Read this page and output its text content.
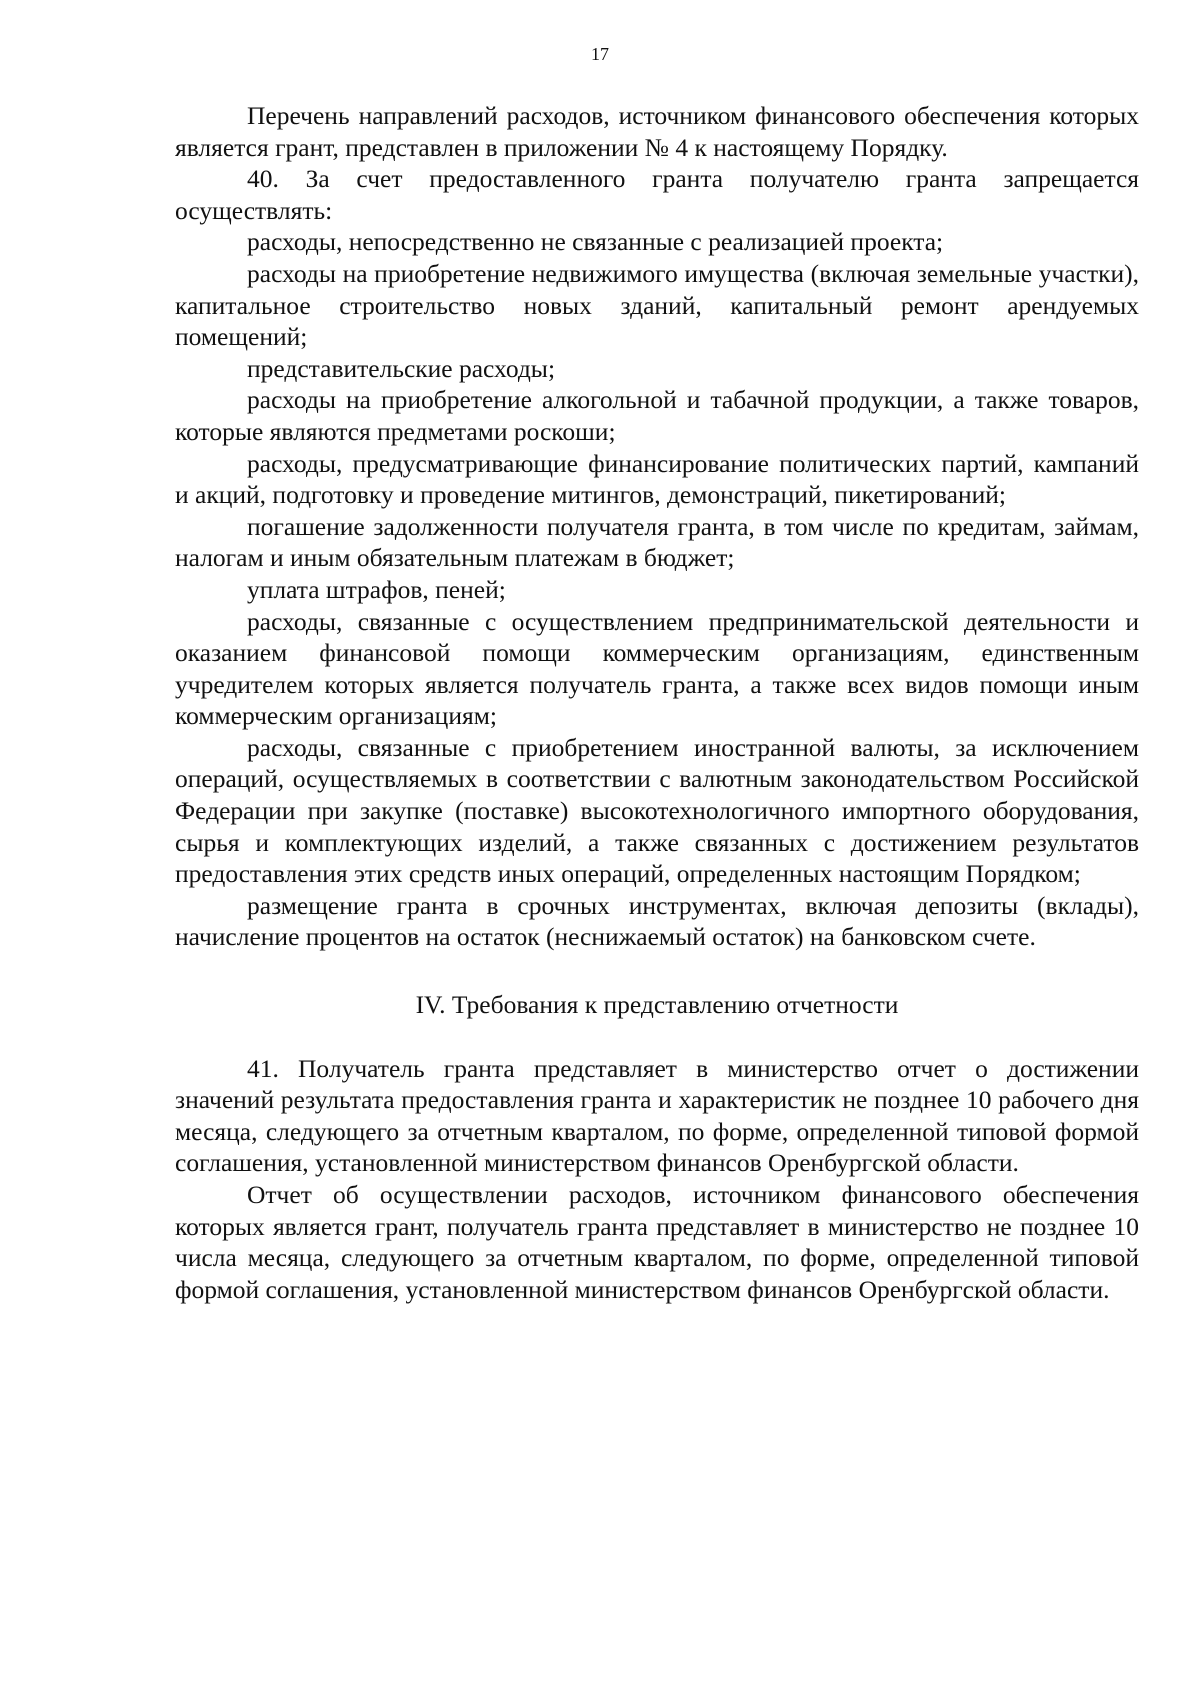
17

Перечень направлений расходов, источником финансового обеспечения которых является грант, представлен в приложении № 4 к настоящему Порядку.

40. За счет предоставленного гранта получателю гранта запрещается осуществлять:

расходы, непосредственно не связанные с реализацией проекта;

расходы на приобретение недвижимого имущества (включая земельные участки), капитальное строительство новых зданий, капитальный ремонт арендуемых помещений;

представительские расходы;

расходы на приобретение алкогольной и табачной продукции, а также товаров, которые являются предметами роскоши;

расходы, предусматривающие финансирование политических партий, кампаний и акций, подготовку и проведение митингов, демонстраций, пикетирований;

погашение задолженности получателя гранта, в том числе по кредитам, займам, налогам и иным обязательным платежам в бюджет;

уплата штрафов, пеней;

расходы, связанные с осуществлением предпринимательской деятельности и оказанием финансовой помощи коммерческим организациям, единственным учредителем которых является получатель гранта, а также всех видов помощи иным коммерческим организациям;

расходы, связанные с приобретением иностранной валюты, за исключением операций, осуществляемых в соответствии с валютным законодательством Российской Федерации при закупке (поставке) высокотехнологичного импортного оборудования, сырья и комплектующих изделий, а также связанных с достижением результатов предоставления этих средств иных операций, определенных настоящим Порядком;

размещение гранта в срочных инструментах, включая депозиты (вклады), начисление процентов на остаток (неснижаемый остаток) на банковском счете.

IV. Требования к представлению отчетности

41. Получатель гранта представляет в министерство отчет о достижении значений результата предоставления гранта и характеристик не позднее 10 рабочего дня месяца, следующего за отчетным кварталом, по форме, определенной типовой формой соглашения, установленной министерством финансов Оренбургской области.

Отчет об осуществлении расходов, источником финансового обеспечения которых является грант, получатель гранта представляет в министерство не позднее 10 числа месяца, следующего за отчетным кварталом, по форме, определенной типовой формой соглашения, установленной министерством финансов Оренбургской области.
